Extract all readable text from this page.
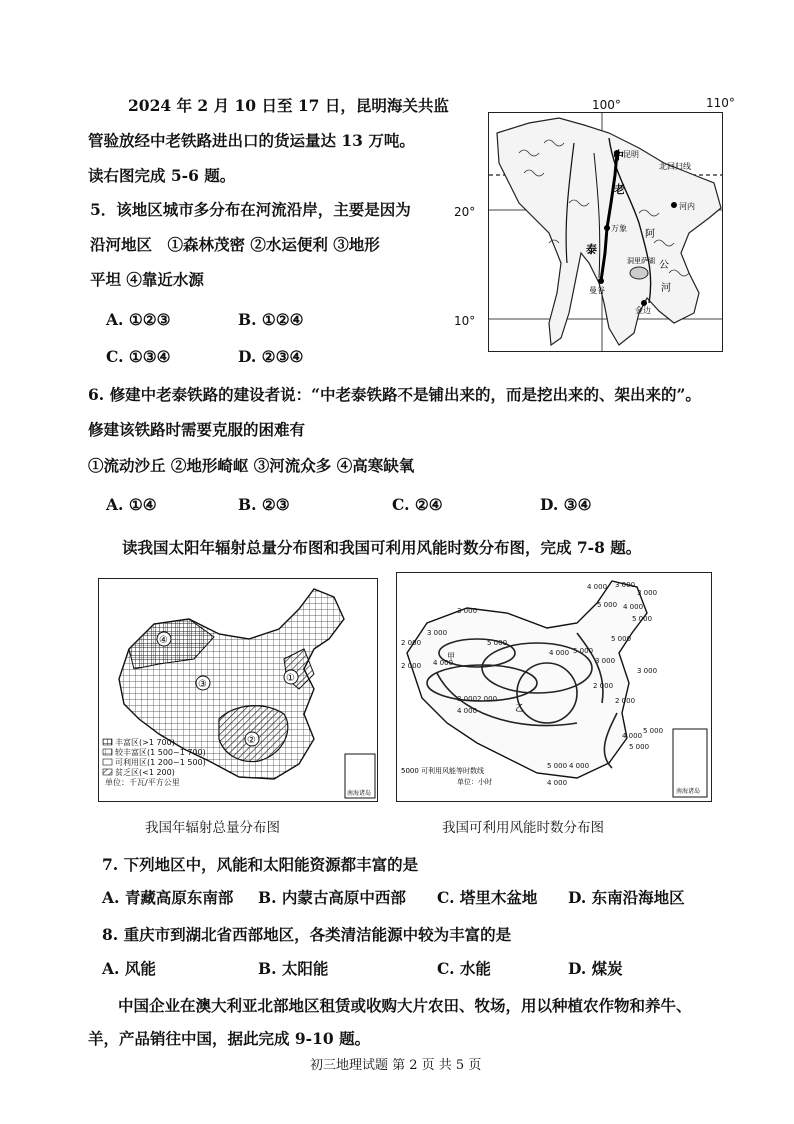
2024 年 2 月 10 日至 17 日，昆明海关共监
管验放经中老铁路进出口的货运量达 13 万吨。
读右图完成 5-6 题。
5．该地区城市多分布在河流沿岸，主要是因为
沿河地区　①森林茂密 ②水运便利 ③地形
平坦 ④靠近水源
A. ①②③	B. ①②④
C. ①③④	D. ②③④
100°	110°
20°
10°
中 昆明
北回归线
老
泰
万象
河内
曼谷
阿
公
河
金边
洞里萨湖
6. 修建中老泰铁路的建设者说：“中老泰铁路不是铺出来的，而是挖出来的、架出来的”。
修建该铁路时需要克服的困难有
①流动沙丘 ②地形崎岖 ③河流众多 ④高寒缺氧
A. ①④	B. ②③	C. ②④	D. ③④
读我国太阳年辐射总量分布图和我国可利用风能时数分布图，完成 7-8 题。
④
③
①
②
丰富区(>1 700)
较丰富区(1 500~1 700)
可利用区(1 200~1 500)
贫乏区(<1 200)
单位：千瓦/平方公里
南海诸岛
甲
乙
4 000 3 000
3 000
5 000 4 000
5 000
3 000
2 000
3 000
4 000
5 000
4 000
2 000
2 000
3 000
4 000
5 000
3 000
2 000
2 000
5 000
4 000
5 000
5 000 4 000
3 000
5 000
4 000
5000 可利用风能等时数线
单位：小时
南海诸岛
我国年辐射总量分布图	我国可利用风能时数分布图
7. 下列地区中，风能和太阳能资源都丰富的是
A. 青藏高原东南部 B. 内蒙古高原中西部 C. 塔里木盆地 D. 东南沿海地区
8. 重庆市到湖北省西部地区，各类清洁能源中较为丰富的是
A. 风能	B. 太阳能	C. 水能	D. 煤炭
中国企业在澳大利亚北部地区租赁或收购大片农田、牧场，用以种植农作物和养牛、
羊，产品销往中国，据此完成 9-10 题。
初三地理试题 第 2 页 共 5 页
